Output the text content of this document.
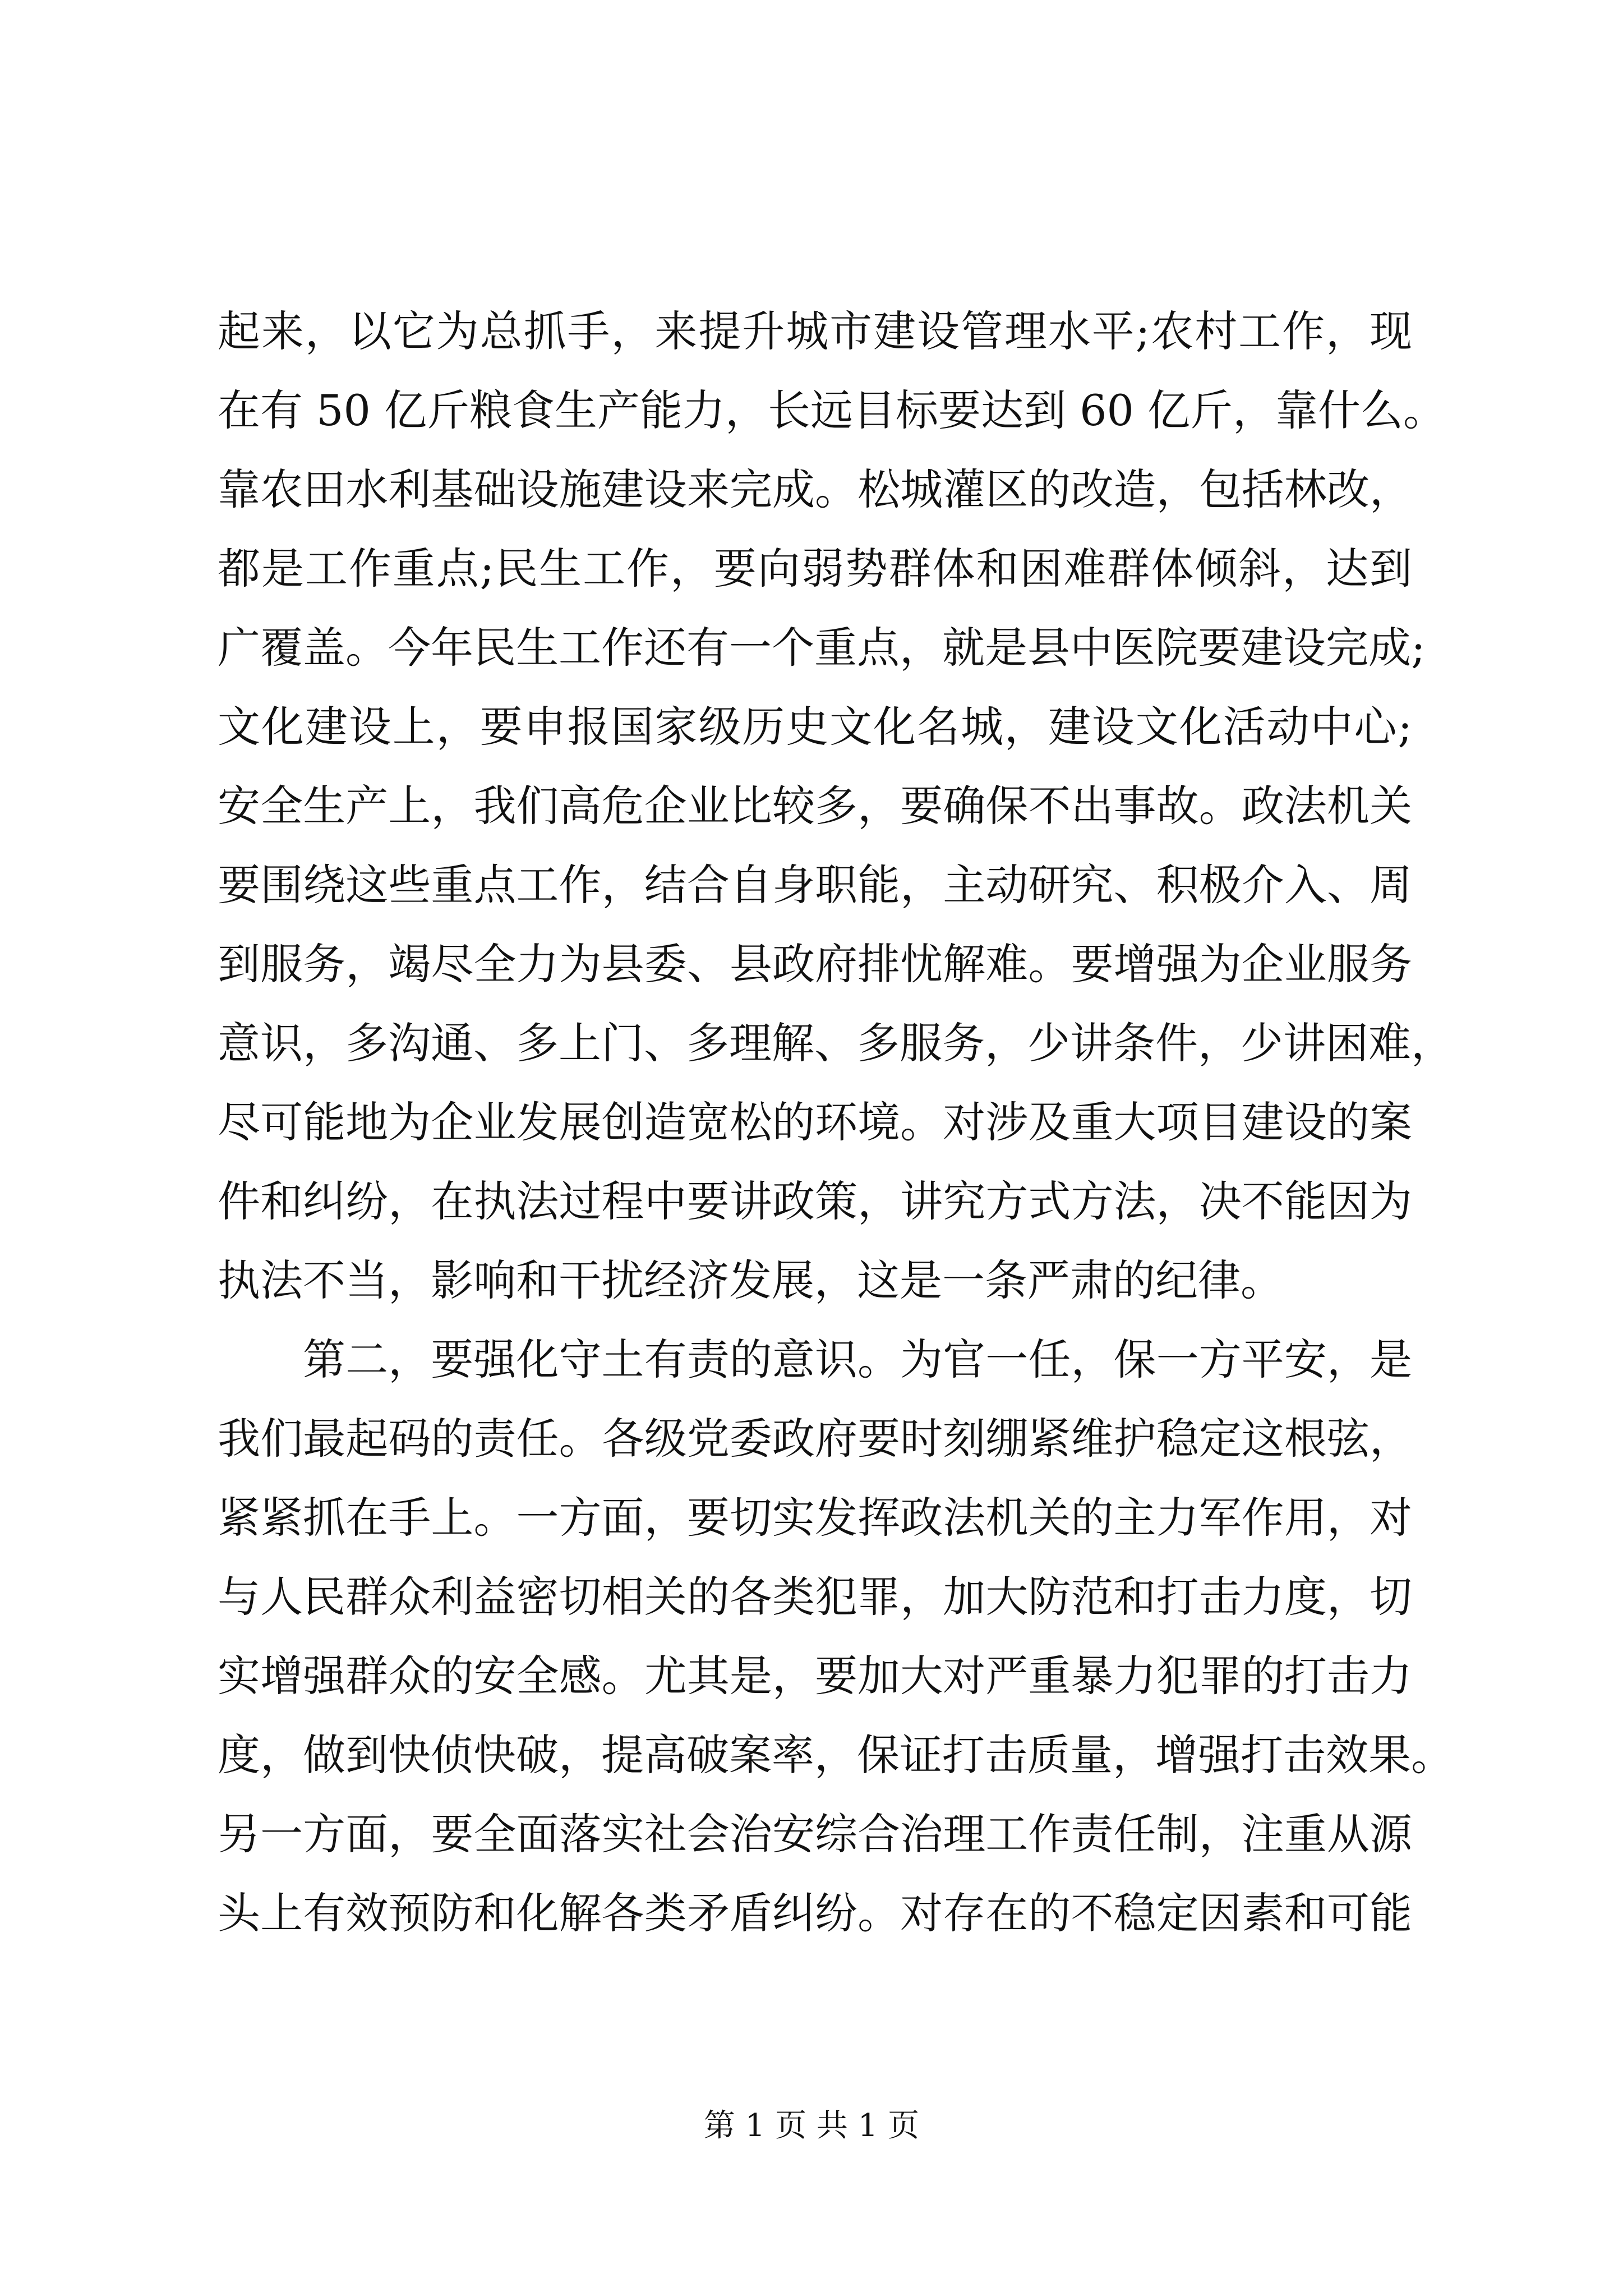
起来，以它为总抓手，来提升城市建设管理水平;农村工作，现
在有 50 亿斤粮食生产能力，长远目标要达到 60 亿斤，靠什么。
靠农田水利基础设施建设来完成。松城灌区的改造，包括林改，
都是工作重点;民生工作，要向弱势群体和困难群体倾斜，达到
广覆盖。今年民生工作还有一个重点，就是县中医院要建设完成;
文化建设上，要申报国家级历史文化名城，建设文化活动中心;
安全生产上，我们高危企业比较多，要确保不出事故。政法机关
要围绕这些重点工作，结合自身职能，主动研究、积极介入、周
到服务，竭尽全力为县委、县政府排忧解难。要增强为企业服务
意识，多沟通、多上门、多理解、多服务，少讲条件，少讲困难，
尽可能地为企业发展创造宽松的环境。对涉及重大项目建设的案
件和纠纷，在执法过程中要讲政策，讲究方式方法，决不能因为
执法不当，影响和干扰经济发展，这是一条严肃的纪律。
第二，要强化守土有责的意识。为官一任，保一方平安，是
我们最起码的责任。各级党委政府要时刻绷紧维护稳定这根弦，
紧紧抓在手上。一方面，要切实发挥政法机关的主力军作用，对
与人民群众利益密切相关的各类犯罪，加大防范和打击力度，切
实增强群众的安全感。尤其是，要加大对严重暴力犯罪的打击力
度，做到快侦快破，提高破案率，保证打击质量，增强打击效果。
另一方面，要全面落实社会治安综合治理工作责任制，注重从源
头上有效预防和化解各类矛盾纠纷。对存在的不稳定因素和可能
第 1 页 共 1 页
